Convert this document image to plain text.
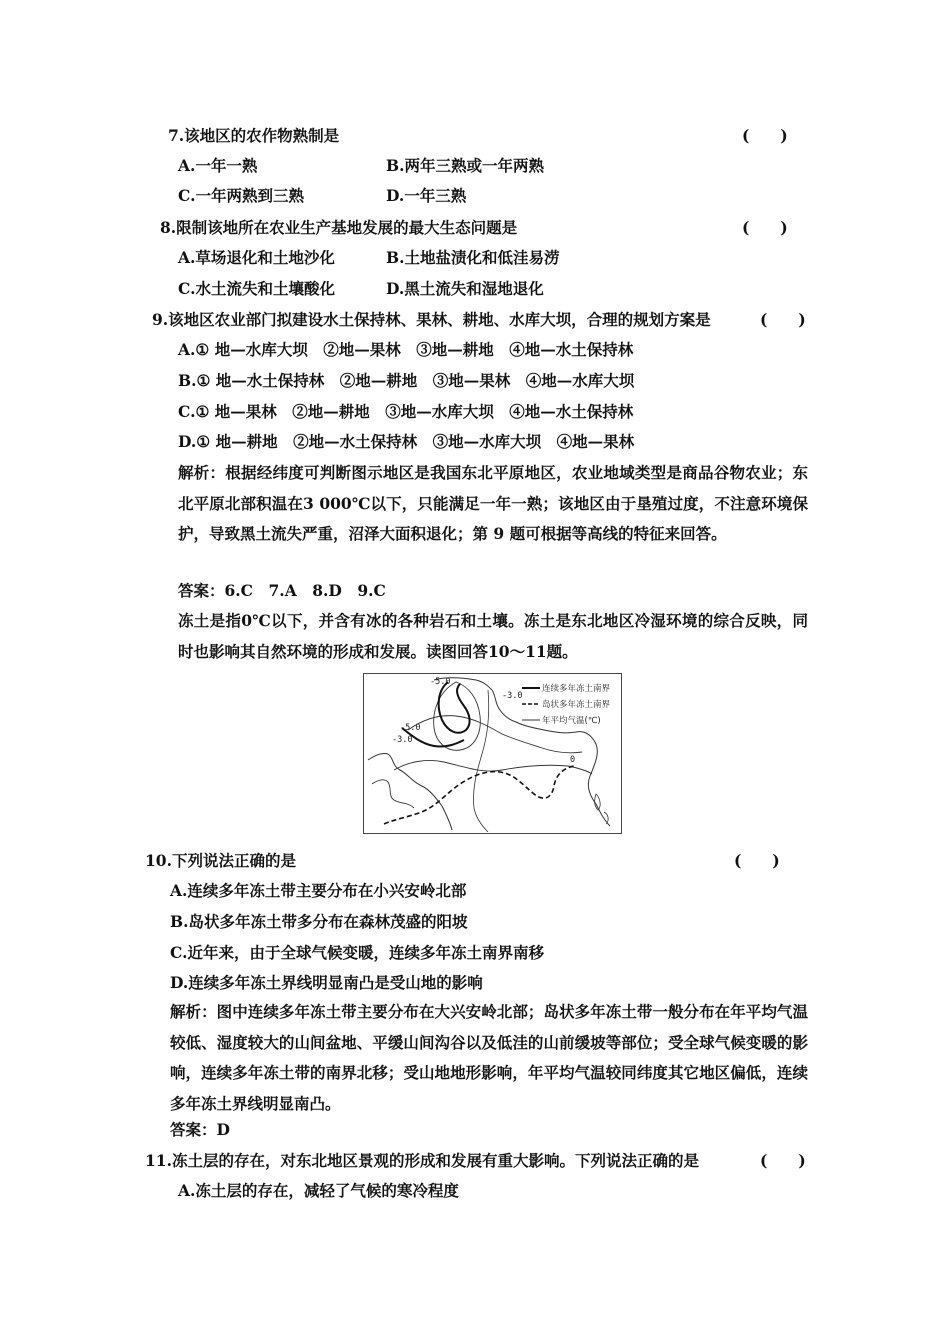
7.该地区的农作物熟制是	(　　)
A.一年一熟	B.两年三熟或一年两熟
C.一年两熟到三熟	D.一年三熟
8.限制该地所在农业生产基地发展的最大生态问题是	(　　)
A.草场退化和土地沙化	B.土地盐渍化和低洼易涝
C.水土流失和土壤酸化	D.黑土流失和湿地退化
9.该地区农业部门拟建设水土保持林、果林、耕地、水库大坝，合理的规划方案是	(　　)
A.① 地—水库大坝　②地—果林　③地—耕地　④地—水土保持林
B.① 地—水土保持林　②地—耕地　③地—果林　④地—水库大坝
C.① 地—果林　②地—耕地　③地—水库大坝　④地—水土保持林
D.① 地—耕地　②地—水土保持林　③地—水库大坝　④地—果林
解析：根据经纬度可判断图示地区是我国东北平原地区，农业地域类型是商品谷物农业；东北平原北部积温在3 000℃以下，只能满足一年一熟；该地区由于垦殖过度，不注意环境保护，导致黑土流失严重，沼泽大面积退化；第 9 题可根据等高线的特征来回答。
答案：6.C　7.A　8.D　9.C
冻土是指0℃以下，并含有冰的各种岩石和土壤。冻土是东北地区冷湿环境的综合反映，同时也影响其自然环境的形成和发展。读图回答10～11题。
-5.0
-3.0
-5.0
-3.0
0
连续多年冻土南界
岛状多年冻土南界
年平均气温(℃)
10.下列说法正确的是	(　　)
A.连续多年冻土带主要分布在小兴安岭北部
B.岛状多年冻土带多分布在森林茂盛的阳坡
C.近年来，由于全球气候变暖，连续多年冻土南界南移
D.连续多年冻土界线明显南凸是受山地的影响
解析：图中连续多年冻土带主要分布在大兴安岭北部；岛状多年冻土带一般分布在年平均气温较低、湿度较大的山间盆地、平缓山间沟谷以及低洼的山前缓坡等部位；受全球气候变暖的影响，连续多年冻土带的南界北移；受山地地形影响，年平均气温较同纬度其它地区偏低，连续多年冻土界线明显南凸。
答案：D
11.冻土层的存在，对东北地区景观的形成和发展有重大影响。下列说法正确的是	(　　)
A.冻土层的存在，减轻了气候的寒冷程度
